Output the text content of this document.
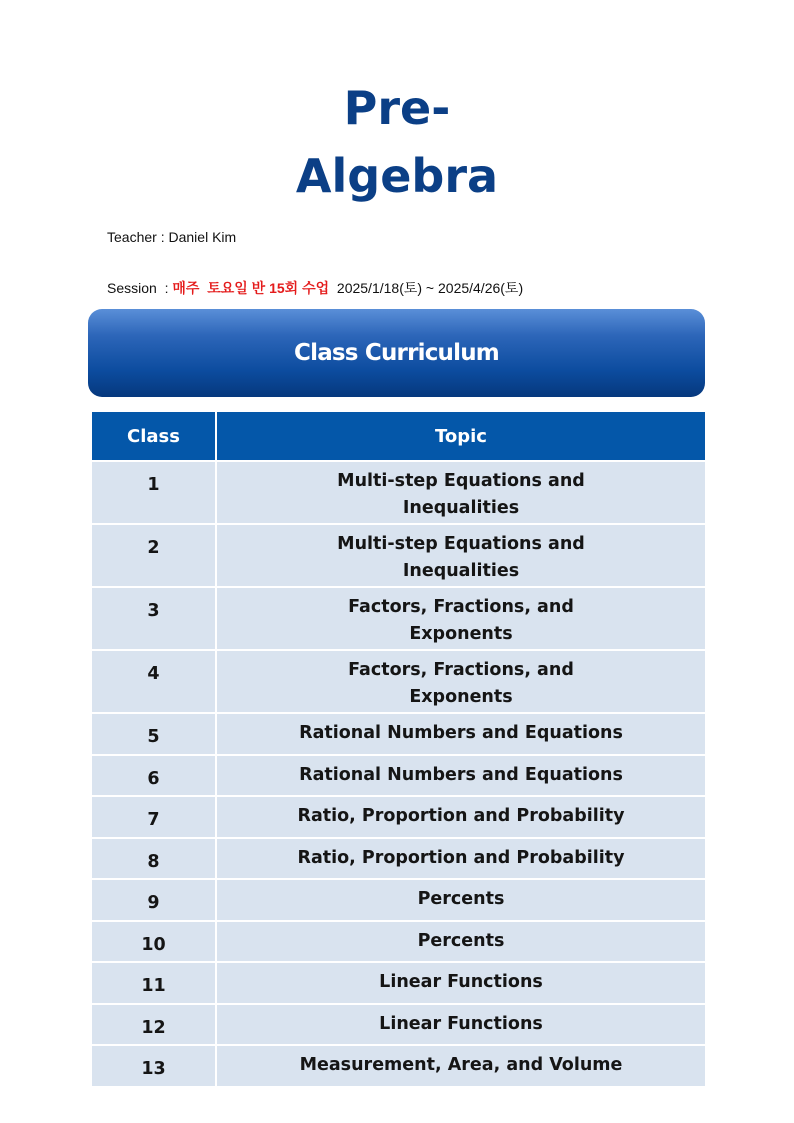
Pre-
Algebra
Teacher : Daniel Kim
Session  : 매주  토요일 반 15회 수업 2025/1/18(토) ~ 2025/4/26(토)
Class Curriculum
Class	Topic
1	Multi-step Equations and
Inequalities

2	Multi-step Equations and
Inequalities

3	Factors, Fractions, and
Exponents

4	Factors, Fractions, and
Exponents

5	Rational Numbers and Equations

6	Rational Numbers and Equations

7	Ratio, Proportion and Probability

8	Ratio, Proportion and Probability

9	Percents

10	Percents

11	Linear Functions

12	Linear Functions

13	Measurement, Area, and Volume
